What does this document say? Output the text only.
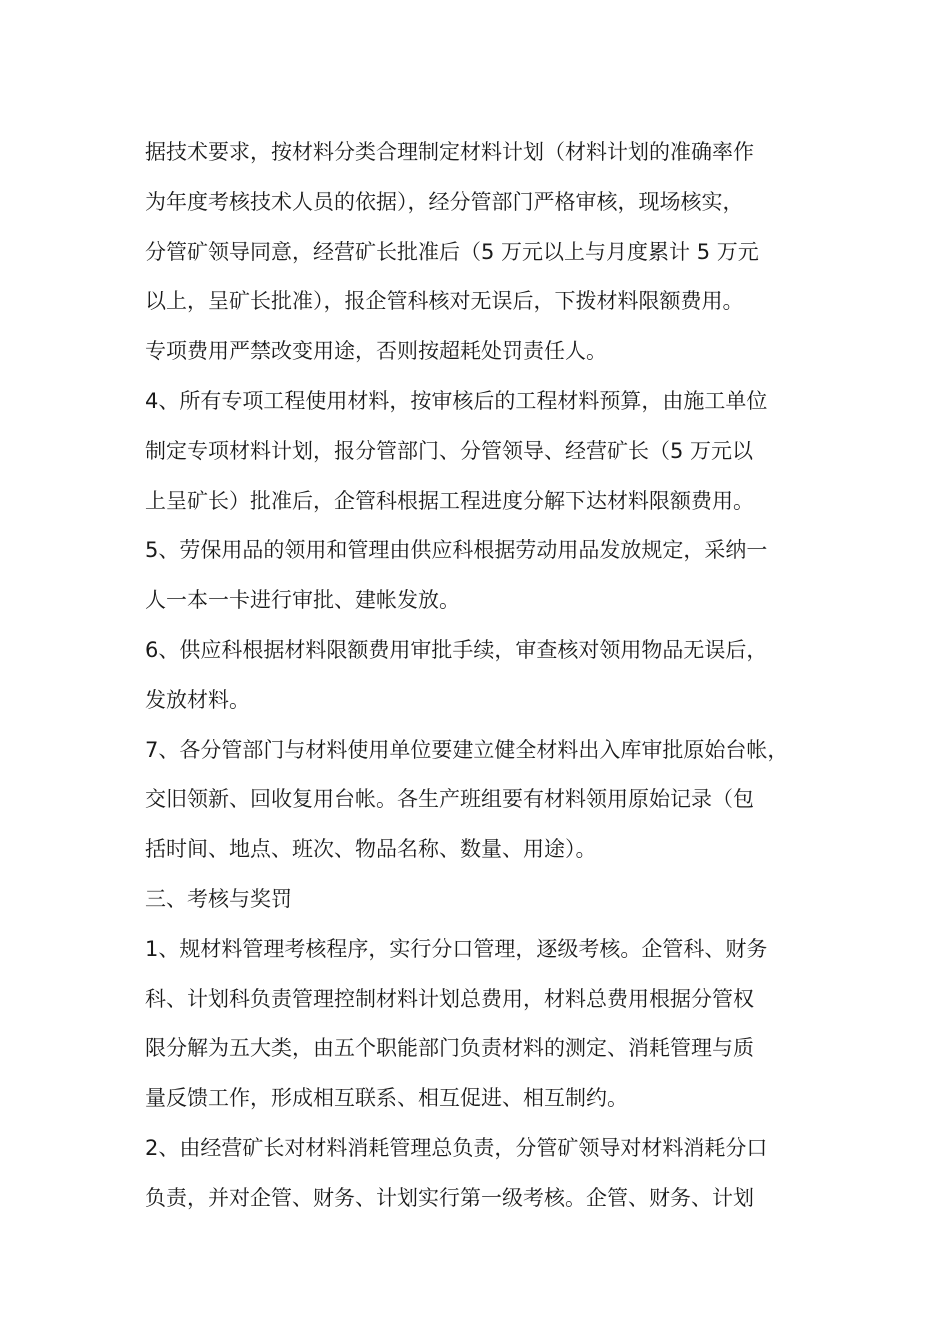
据技术要求，按材料分类合理制定材料计划（材料计划的准确率作
为年度考核技术人员的依据），经分管部门严格审核，现场核实，
分管矿领导同意，经营矿长批准后（5 万元以上与月度累计 5 万元
以上，呈矿长批准），报企管科核对无误后，下拨材料限额费用。
专项费用严禁改变用途，否则按超耗处罚责任人。
4、所有专项工程使用材料，按审核后的工程材料预算，由施工单位
制定专项材料计划，报分管部门、分管领导、经营矿长（5 万元以
上呈矿长）批准后，企管科根据工程进度分解下达材料限额费用。
5、劳保用品的领用和管理由供应科根据劳动用品发放规定，采纳一
人一本一卡进行审批、建帐发放。
6、供应科根据材料限额费用审批手续，审查核对领用物品无误后，
发放材料。
7、各分管部门与材料使用单位要建立健全材料出入库审批原始台帐，
交旧领新、回收复用台帐。各生产班组要有材料领用原始记录（包
括时间、地点、班次、物品名称、数量、用途）。
三、考核与奖罚
1、规材料管理考核程序，实行分口管理，逐级考核。企管科、财务
科、计划科负责管理控制材料计划总费用，材料总费用根据分管权
限分解为五大类，由五个职能部门负责材料的测定、消耗管理与质
量反馈工作，形成相互联系、相互促进、相互制约。
2、由经营矿长对材料消耗管理总负责，分管矿领导对材料消耗分口
负责，并对企管、财务、计划实行第一级考核。企管、财务、计划
